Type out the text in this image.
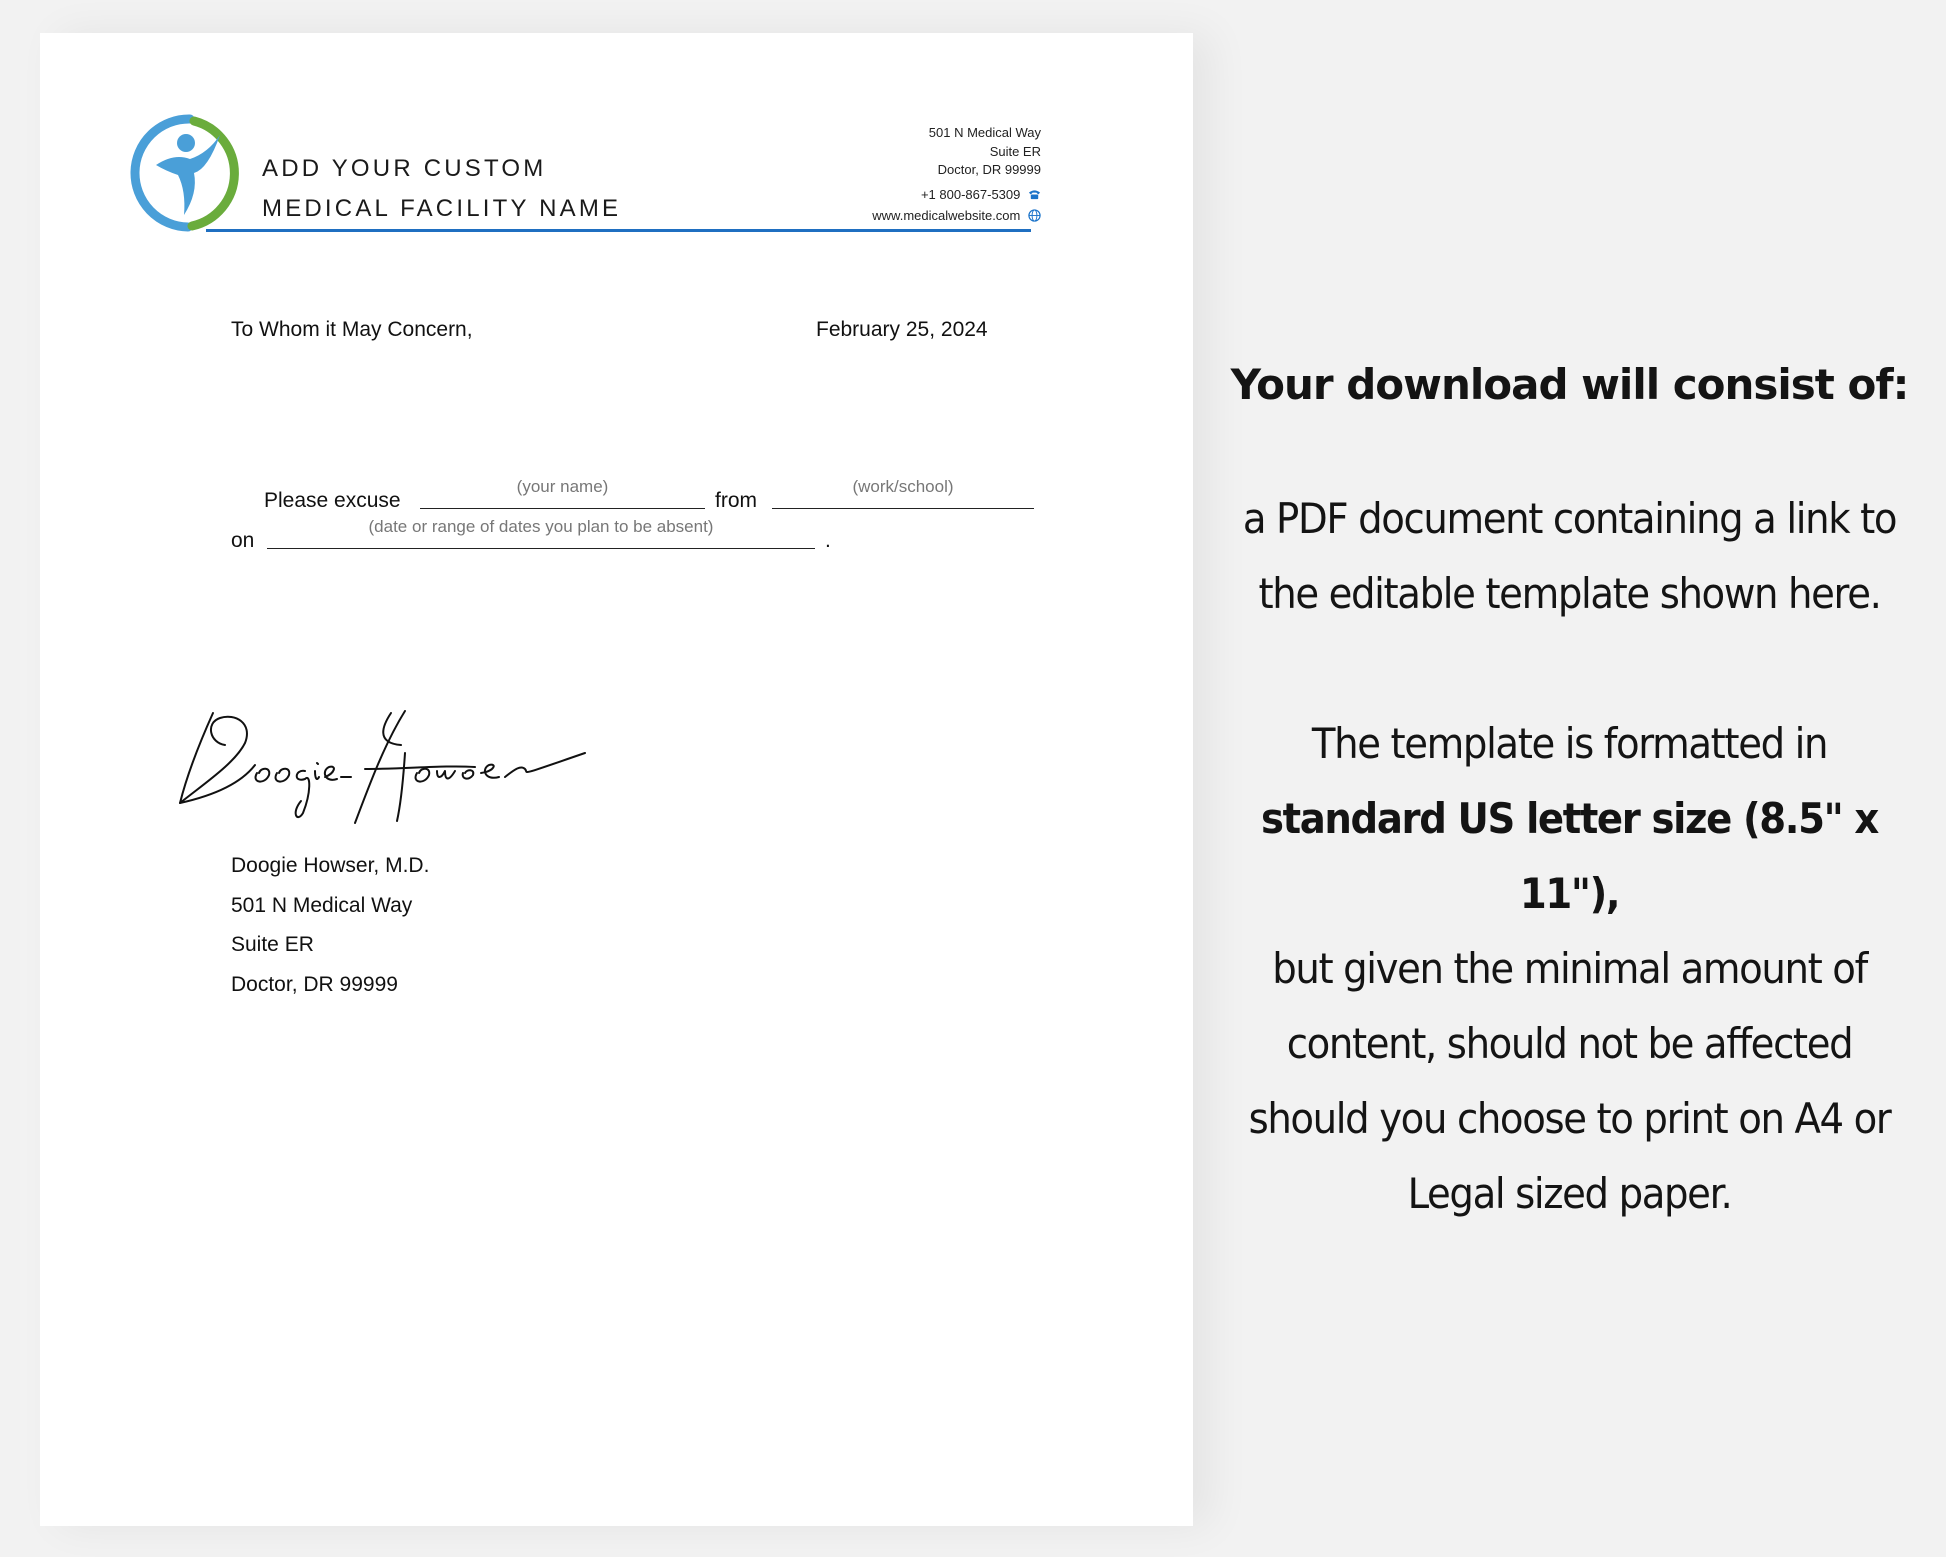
ADD YOUR CUSTOM
MEDICAL FACILITY NAME
501 N Medical Way
Suite ER
Doctor, DR 99999
+1 800-867-5309
www.medicalwebsite.com
To Whom it May Concern,	February 25, 2024
Please excuse
(your name)
from
(work/school)
on
(date or range of dates you plan to be absent)
.
Doogie Howser, M.D.
501 N Medical Way
Suite ER
Doctor, DR 99999
Your download will consist of:
a PDF document containing a link to
the editable template shown here.
The template is formatted in
standard US letter size (8.5" x 11"),
but given the minimal amount of
content, should not be affected
should you choose to print on A4 or
Legal sized paper.
